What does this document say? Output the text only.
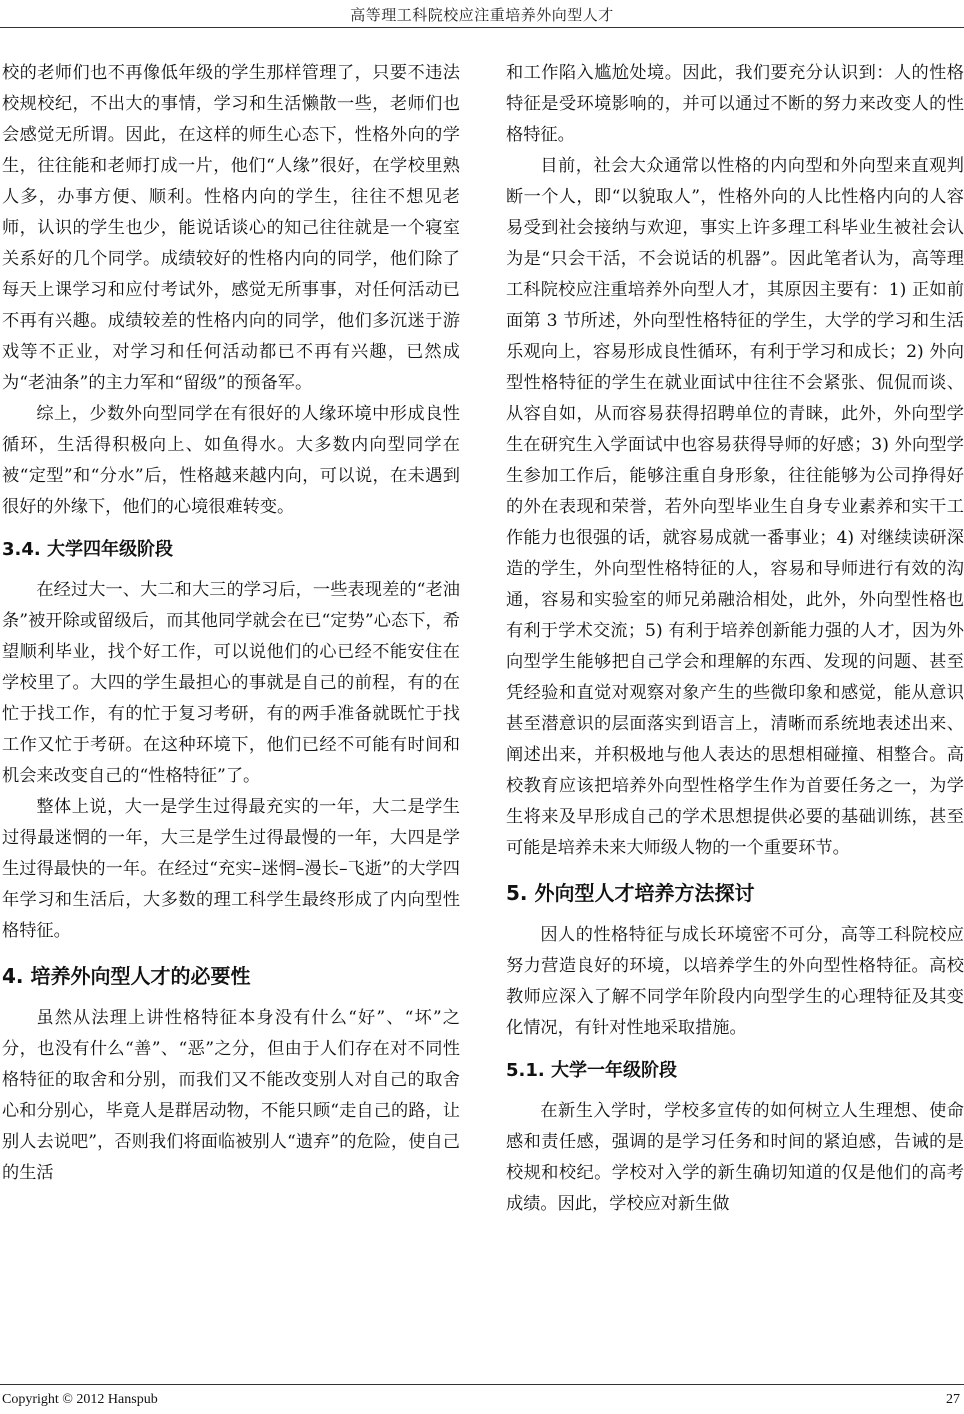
高等理工科院校应注重培养外向型人才

校的老师们也不再像低年级的学生那样管理了，只要不违法校规校纪，不出大的事情，学习和生活懒散一些，老师们也会感觉无所谓。因此，在这样的师生心态下，性格外向的学生，往往能和老师打成一片，他们“人缘”很好，在学校里熟人多，办事方便、顺利。性格内向的学生，往往不想见老师，认识的学生也少，能说话谈心的知己往往就是一个寝室关系好的几个同学。成绩较好的性格内向的同学，他们除了每天上课学习和应付考试外，感觉无所事事，对任何活动已不再有兴趣。成绩较差的性格内向的同学，他们多沉迷于游戏等不正业，对学习和任何活动都已不再有兴趣，已然成为“老油条”的主力军和“留级”的预备军。

综上，少数外向型同学在有很好的人缘环境中形成良性循环，生活得积极向上、如鱼得水。大多数内向型同学在被“定型”和“分水”后，性格越来越内向，可以说，在未遇到很好的外缘下，他们的心境很难转变。

3.4. 大学四年级阶段

在经过大一、大二和大三的学习后，一些表现差的“老油条”被开除或留级后，而其他同学就会在已“定势”心态下，希望顺利毕业，找个好工作，可以说他们的心已经不能安住在学校里了。大四的学生最担心的事就是自己的前程，有的在忙于找工作，有的忙于复习考研，有的两手准备就既忙于找工作又忙于考研。在这种环境下，他们已经不可能有时间和机会来改变自己的“性格特征”了。

整体上说，大一是学生过得最充实的一年，大二是学生过得最迷惘的一年，大三是学生过得最慢的一年，大四是学生过得最快的一年。在经过“充实–迷惘–漫长–飞逝”的大学四年学习和生活后，大多数的理工科学生最终形成了内向型性格特征。

4. 培养外向型人才的必要性

虽然从法理上讲性格特征本身没有什么“好”、“坏”之分，也没有什么“善”、“恶”之分，但由于人们存在对不同性格特征的取舍和分别，而我们又不能改变别人对自己的取舍心和分别心，毕竟人是群居动物，不能只顾“走自己的路，让别人去说吧”，否则我们将面临被别人“遗弃”的危险，使自己的生活

和工作陷入尴尬处境。因此，我们要充分认识到：人的性格特征是受环境影响的，并可以通过不断的努力来改变人的性格特征。

目前，社会大众通常以性格的内向型和外向型来直观判断一个人，即“以貌取人”，性格外向的人比性格内向的人容易受到社会接纳与欢迎，事实上许多理工科毕业生被社会认为是“只会干活，不会说话的机器”。因此笔者认为，高等理工科院校应注重培养外向型人才，其原因主要有：1) 正如前面第 3 节所述，外向型性格特征的学生，大学的学习和生活乐观向上，容易形成良性循环，有利于学习和成长；2) 外向型性格特征的学生在就业面试中往往不会紧张、侃侃而谈、从容自如，从而容易获得招聘单位的青睐，此外，外向型学生在研究生入学面试中也容易获得导师的好感；3) 外向型学生参加工作后，能够注重自身形象，往往能够为公司挣得好的外在表现和荣誉，若外向型毕业生自身专业素养和实干工作能力也很强的话，就容易成就一番事业；4) 对继续读研深造的学生，外向型性格特征的人，容易和导师进行有效的沟通，容易和实验室的师兄弟融洽相处，此外，外向型性格也有利于学术交流；5) 有利于培养创新能力强的人才，因为外向型学生能够把自己学会和理解的东西、发现的问题、甚至凭经验和直觉对观察对象产生的些微印象和感觉，能从意识甚至潜意识的层面落实到语言上，清晰而系统地表述出来、阐述出来，并积极地与他人表达的思想相碰撞、相整合。高校教育应该把培养外向型性格学生作为首要任务之一，为学生将来及早形成自己的学术思想提供必要的基础训练，甚至可能是培养未来大师级人物的一个重要环节。

5. 外向型人才培养方法探讨

因人的性格特征与成长环境密不可分，高等工科院校应努力营造良好的环境，以培养学生的外向型性格特征。高校教师应深入了解不同学年阶段内向型学生的心理特征及其变化情况，有针对性地采取措施。

5.1. 大学一年级阶段

在新生入学时，学校多宣传的如何树立人生理想、使命感和责任感，强调的是学习任务和时间的紧迫感，告诫的是校规和校纪。学校对入学的新生确切知道的仅是他们的高考成绩。因此，学校应对新生做

Copyright © 2012 Hanspub	27
